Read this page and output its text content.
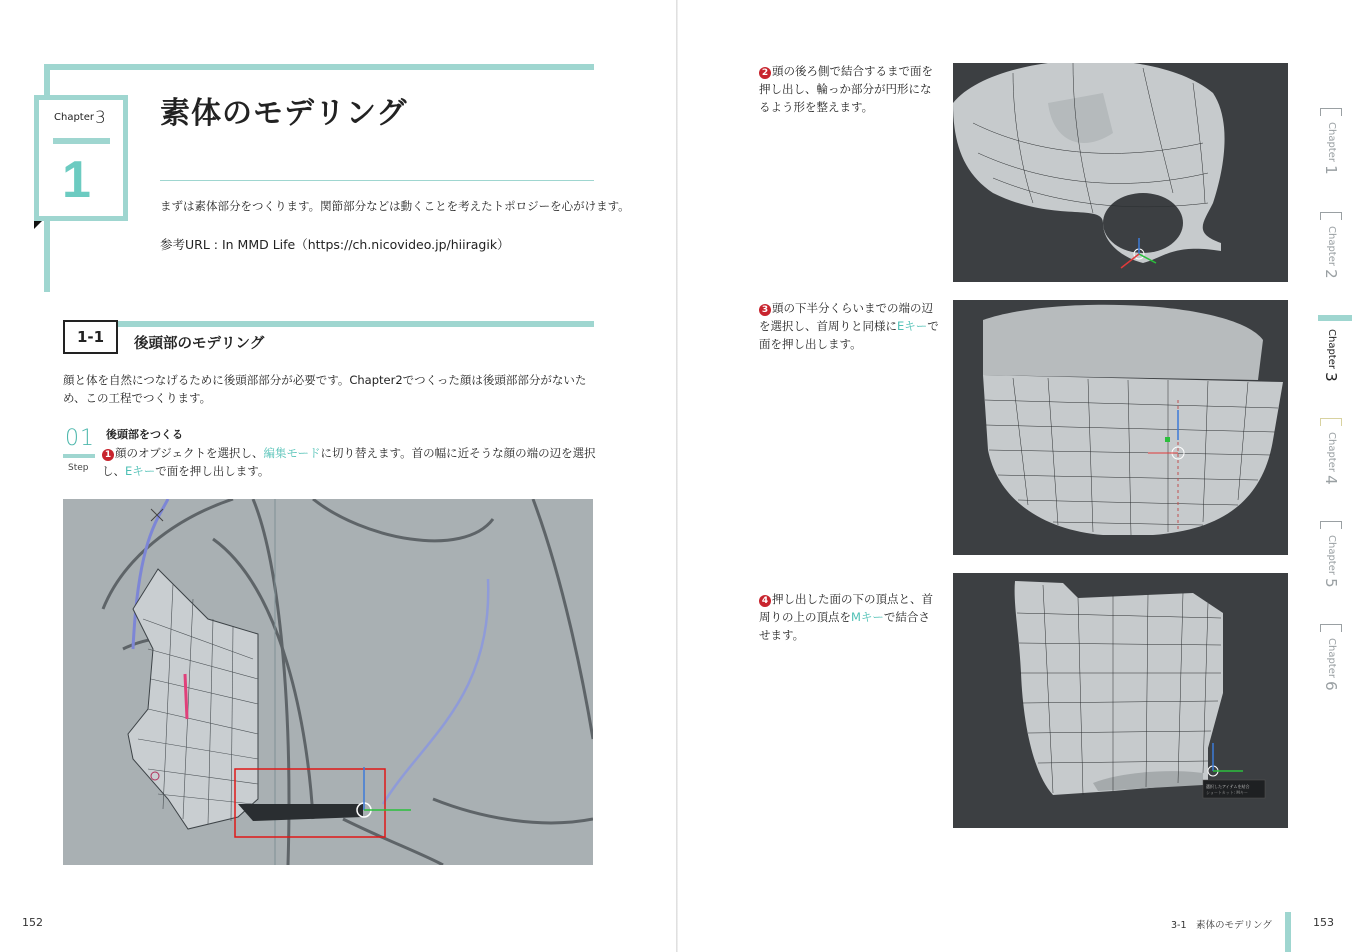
Chapter 3
1
素体のモデリング
まずは素体部分をつくります。関節部分などは動くことを考えたトポロジーを心がけます。
参考URL : In MMD Life（https://ch.nicovideo.jp/hiiragik）
1-1	後頭部のモデリング
顔と体を自然につなげるために後頭部部分が必要です。Chapter2でつくった顔は後頭部部分がないため、この工程でつくります。
01
Step
後頭部をつくる
1 顔のオブジェクトを選択し、編集モードに切り替えます。首の幅に近そうな顔の端の辺を選択し、Eキーで面を押し出します。
152
2 頭の後ろ側で結合するまで面を押し出し、輪っか部分が円形になるよう形を整えます。
3 頭の下半分くらいまでの端の辺を選択し、首周りと同様にEキーで面を押し出します。
4 押し出した面の下の頂点と、首周りの上の頂点をMキーで結合させます。
選択したアイテムを結合
ショートカット: Mキー
Chapter 1
Chapter 2
Chapter 3
Chapter 4
Chapter 5
Chapter 6
3-1　素体のモデリング	153
